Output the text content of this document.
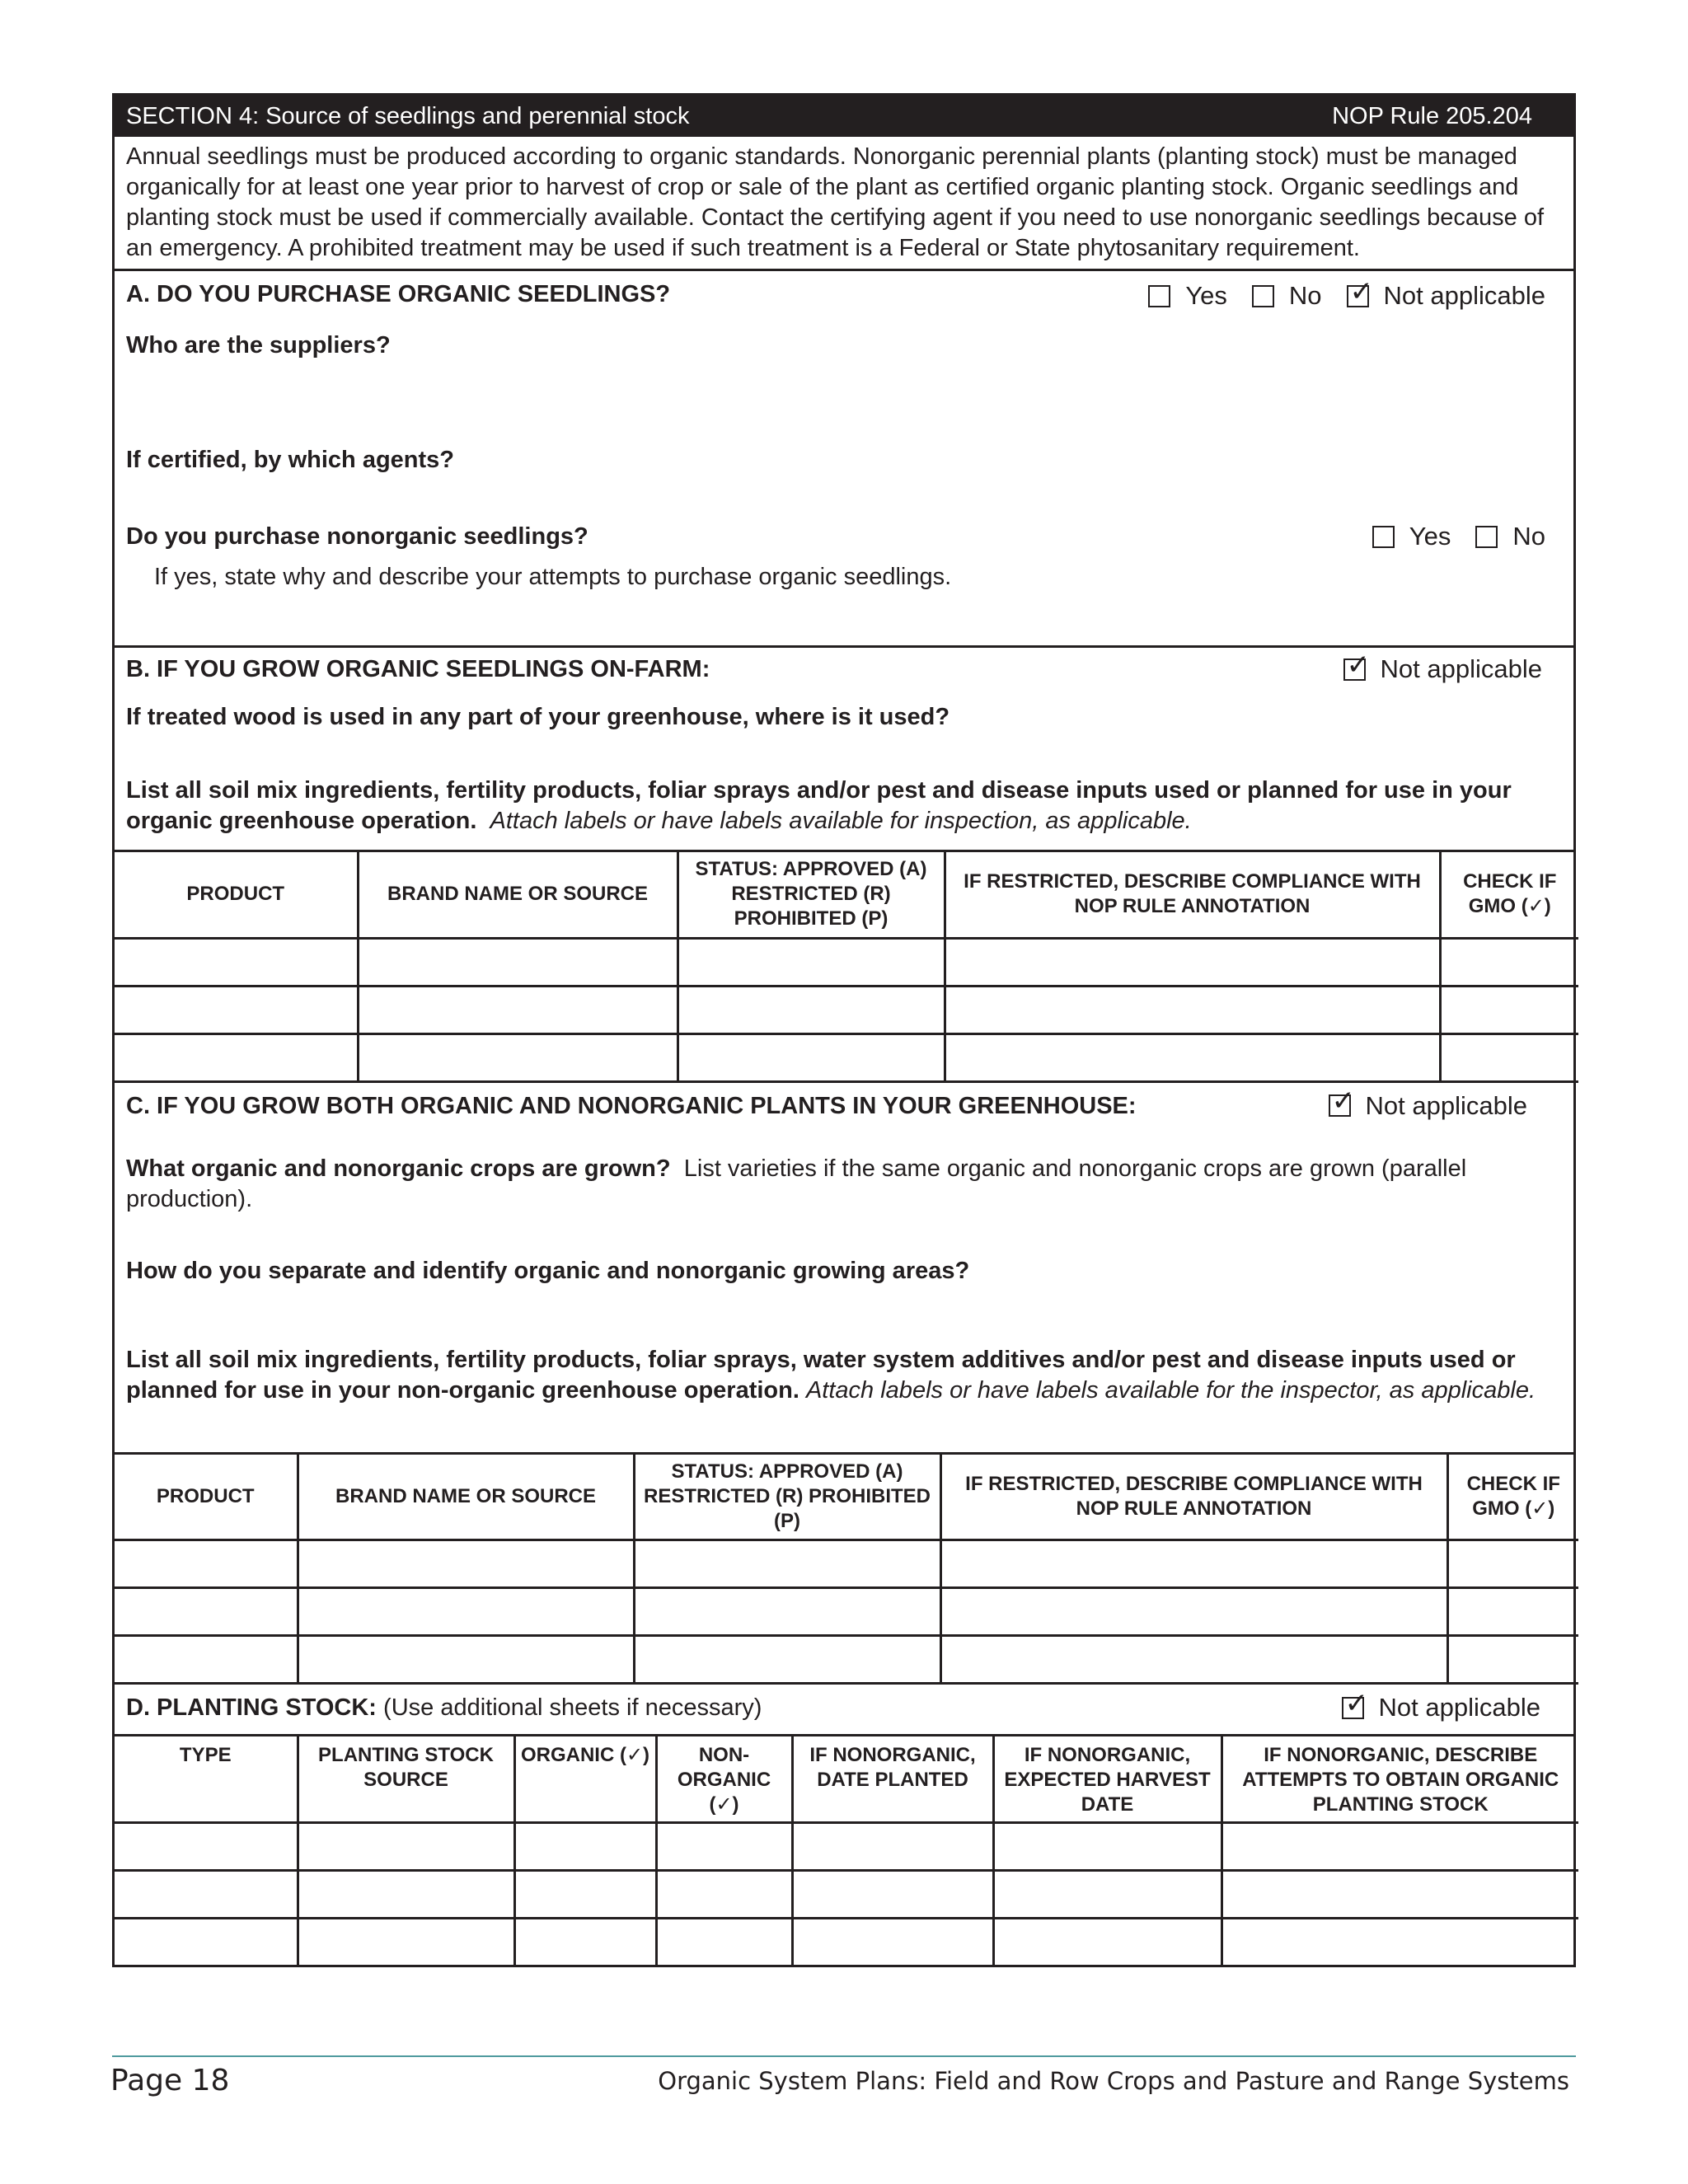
SECTION 4: Source of seedlings and perennial stock	NOP Rule 205.204
Annual seedlings must be produced according to organic standards. Nonorganic perennial plants (planting stock) must be managed organically for at least one year prior to harvest of crop or sale of the plant as certified organic planting stock. Organic seedlings and planting stock must be used if commercially available. Contact the certifying agent if you need to use nonorganic seedlings because of an emergency. A prohibited treatment may be used if such treatment is a Federal or State phytosanitary requirement.

A. DO YOU PURCHASE ORGANIC SEEDLINGS?	Yes No ✓ Not applicable

Who are the suppliers?

If certified, by which agents?

Do you purchase nonorganic seedlings?	Yes No

If yes, state why and describe your attempts to purchase organic seedlings.

B. IF YOU GROW ORGANIC SEEDLINGS ON-FARM: ✓	Not applicable

If treated wood is used in any part of your greenhouse, where is it used?

List all soil mix ingredients, fertility products, foliar sprays and/or pest and disease inputs used or planned for use in your organic greenhouse operation. Attach labels or have labels available for inspection, as applicable.

PRODUCT	BRAND NAME OR SOURCE	STATUS: APPROVED (A) RESTRICTED (R) PROHIBITED (P)	IF RESTRICTED, DESCRIBE COMPLIANCE WITH NOP RULE ANNOTATION	CHECK IF GMO (✓)

C. IF YOU GROW BOTH ORGANIC AND NONORGANIC PLANTS IN YOUR GREENHOUSE: ✓	Not applicable

What organic and nonorganic crops are grown? List varieties if the same organic and nonorganic crops are grown (parallel production).

How do you separate and identify organic and nonorganic growing areas?

List all soil mix ingredients, fertility products, foliar sprays, water system additives and/or pest and disease inputs used or planned for use in your non-organic greenhouse operation. Attach labels or have labels available for the inspector, as applicable.

PRODUCT	BRAND NAME OR SOURCE	STATUS: APPROVED (A) RESTRICTED (R) PROHIBITED (P)	IF RESTRICTED, DESCRIBE COMPLIANCE WITH NOP RULE ANNOTATION	CHECK IF GMO (✓)

D. PLANTING STOCK: (Use additional sheets if necessary) ✓	Not applicable
TYPE	PLANTING STOCK SOURCE	ORGANIC (✓)	NON-ORGANIC (✓)	IF NONORGANIC, DATE PLANTED	IF NONORGANIC, EXPECTED HARVEST DATE	IF NONORGANIC, DESCRIBE ATTEMPTS TO OBTAIN ORGANIC PLANTING STOCK

Page 18	Organic System Plans: Field and Row Crops and Pasture and Range Systems
